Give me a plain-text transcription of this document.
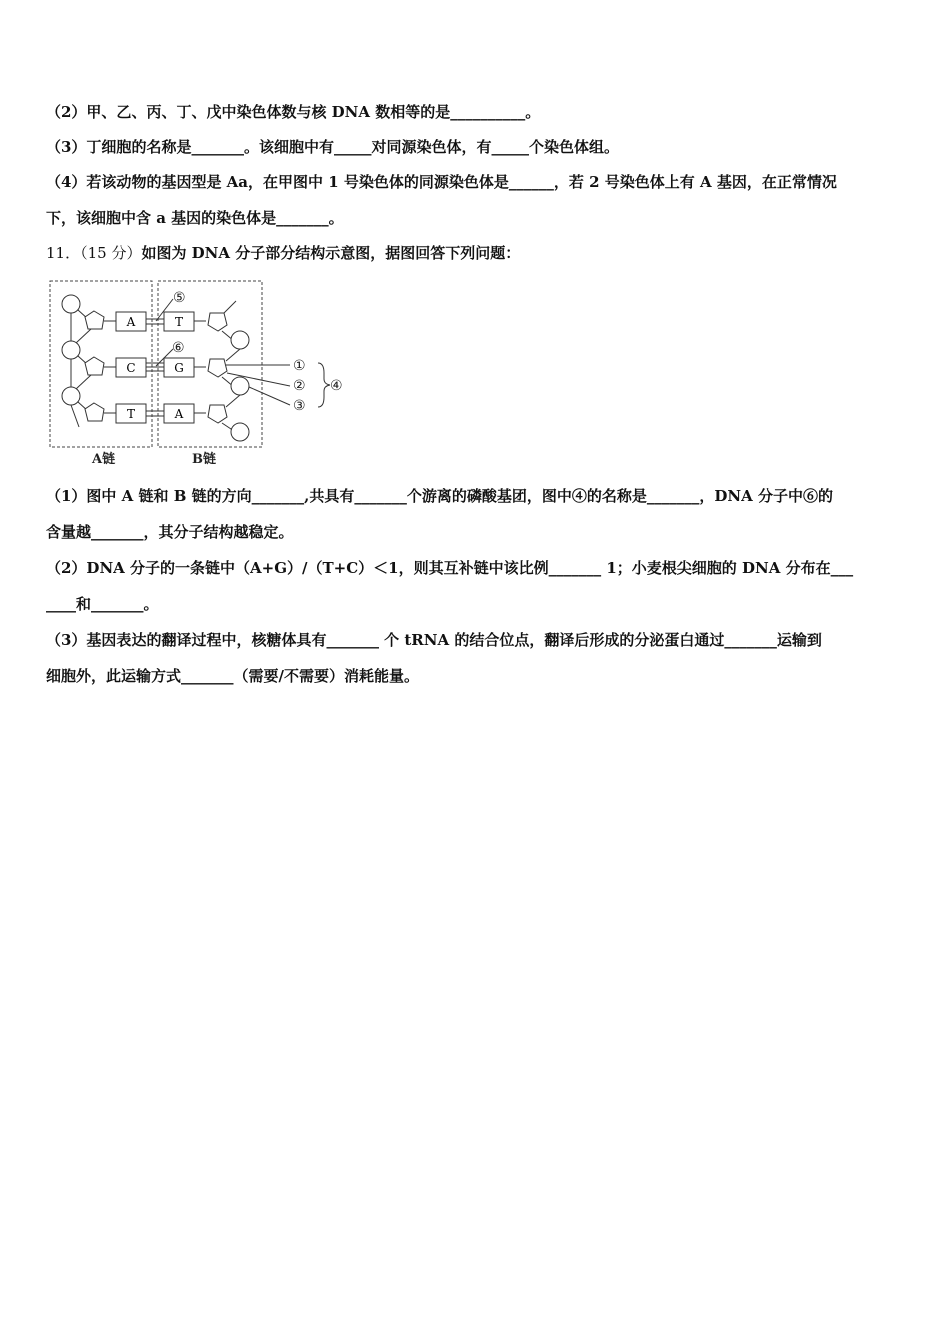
（2）甲、乙、丙、丁、戊中染色体数与核 DNA 数相等的是__________。
（3）丁细胞的名称是_______。该细胞中有_____对同源染色体，有_____个染色体组。
（4）若该动物的基因型是 Aa，在甲图中 1 号染色体的同源染色体是______，若 2 号染色体上有 A 基因，在正常情况
下，该细胞中含 a 基因的染色体是_______。
11．（15 分）如图为 DNA 分子部分结构示意图，据图回答下列问题：
A
C
T
T
G
A
⑤
⑥
①
②
③
④
A链	B链
（1）图中 A 链和 B 链的方向_______,共具有_______个游离的磷酸基团，图中④的名称是_______，DNA 分子中⑥的
含量越_______，其分子结构越稳定。
（2）DNA 分子的一条链中（A+G）/（T+C）＜1，则其互补链中该比例_______ 1；小麦根尖细胞的 DNA 分布在___
____和_______。
（3）基因表达的翻译过程中，核糖体具有_______ 个 tRNA 的结合位点，翻译后形成的分泌蛋白通过_______运输到
细胞外，此运输方式_______（需要/不需要）消耗能量。
